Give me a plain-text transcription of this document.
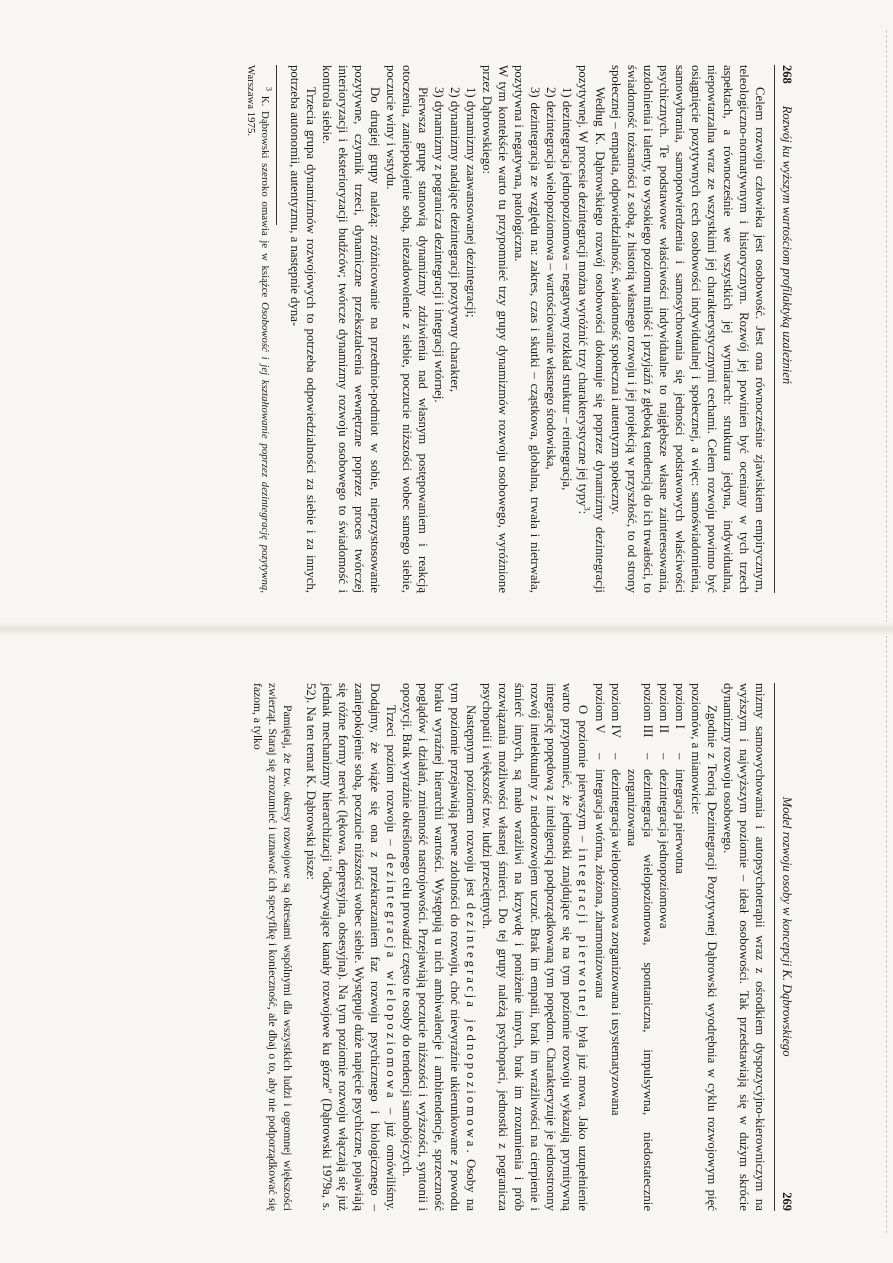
268
Rozwój ku wyższym wartościom profilaktyką uzależnień

Celem rozwoju człowieka jest osobowość. Jest ona równocześnie zjawiskiem empirycznym, teleologiczno-normatywnym i historycznym. Rozwój jej powinien być oceniany w tych trzech aspektach, a równocześnie we wszystkich jej wymiarach: struktura jedyna, indywidualna, niepowtarzalna wraz ze wszystkimi jej charakterystycznymi cechami. Celem rozwoju powinno być osiągnięcie pozytywnych cech osobowości indywidualnej i społecznej, a więc: samoświadomienia, samowybrania, samopotwierdzenia i samosychowania się jedności podstawowych właściwości psychicznych. Te podstawowe właściwości indywidualne to najgłębsze własne zainteresowania, uzdolnienia i talenty, to wysokiego poziomu miłość i przyjaźń z głęboką tendencją do ich trwałości, to świadomość tożsamości z sobą, z historią własnego rozwoju i jej projekcją w przyszłość, to od strony społecznej – empatia, odpowiedzialność, świadomość społeczna i autentyzm społeczny.

Według K. Dąbrowskiego rozwój osobowości dokonuje się poprzez dynamizmy dezintegracji pozytywnej. W procesie dezintegracji można wyróżnić trzy charakterystyczne jej typy$^3$:

1) dezintegracja jednopoziomowa – negatywny rozkład struktur – reintegracja,

2) dezintegracja wielopoziomowa – wartościowanie własnego środowiska,

3) dezintegracja ze względu na: zakres, czas i skutki – cząstkowa, globalna, trwała i nietrwała, pozytywna i negatywna, patologiczna.

W tym kontekście warto tu przypomnieć trzy grupy dynamizmów rozwoju osobowego, wyróżnione przez Dąbrowskiego:

1) dynamizmy zaawansowanej dezintegracji;

2) dynamizmy nadające dezintegracji pozytywny charakter,

3) dynamizmy z pogranicza dezintegracji i integracji wtórnej.

Pierwsza grupę stanowią dynamizmy zdziwienia nad własnym postępowaniem i reakcją otoczenia, zaniepokojenie sobą, niezadowolenie z siebie, poczucie niższości wobec samego siebie, poczucie winy i wstydu.

Do drugiej grupy należą: zróżnicowanie na przedmiot-podmiot w sobie, nieprzystosowanie pozytywne, czynnik trzeci, dynamiczne przekształcenia wewnętrzne poprzez proces twórczej interioryzacji i eksterioryzacji budźców; twórcze dynamizmy rozwoju osobowego to świadomość i kontrola siebie.

Trzecia grupa dynamizmów rozwojowych to potrzeba odpowiedzialności za siebie i za innych, potrzeba autonomii, autentyzmu, a następnie dyna-

$^3$ K. Dąbrowski szeroko omawia je w książce Osobowość i jej kształtowanie poprzez dezintegrację pozytywną, Warszawa 1975.

Model rozwoju osoby w koncepcji K. Dąbrowskiego
269

mizmy samowychowania i autopsychoterapii wraz z ośrodkiem dyspozycyjno-kierowniczym na wyższym i najwyższym poziomie – ideał osobowości. Tak przedstawiają się w dużym skrócie dynamizmy rozwoju osobowego.

Zgodnie z Teorią Dezintegracji Pozytywnej Dąbrowski wyodrębnia w cyklu rozwojowym pięć poziomów, a mianowicie:

poziom I	–	integracja pierwotna
poziom II	–	dezintegracja jednopoziomowa
poziom III	–	dezintegracja wielopoziomowa, spontaniczna, impulsywna, niedostatecznie zorganizowana
poziom IV	–	dezintegracja wielopoziomowa zorganizowana i usystematyzowana
poziom V	–	integracja wtórna, złożona, zharmonizowana

O poziomie pierwszym – integracji pierwotnej była już mowa. Jako uzupełnienie warto przypomnieć, że jednostki znajdujące się na tym poziomie rozwoju wykazują prymitywną integrację popędową z inteligencją podporządkowaną tym popędom. Charakteryzuje je jednostronny rozwój intelektualny z niedorozwojem uczuć. Brak im empatii, brak im wrażliwości na cierpienie i śmierć innych, są mało wrażliwi na krzywdę i poniżenie innych, brak im zrozumienia i prób rozwiązania możliwości własnej śmierci. Do tej grupy należą psychopaci, jednostki z pogranicza psychopatii i większość tzw. ludzi przeciętnych.

Następnym poziomem rozwoju jest dezintegracja jednopoziomowa. Osoby na tym poziomie przejawiają pewne zdolności do rozwoju, choć niewyraźnie ukierunkowane z powodu braku wyraźnej hierarchii wartości. Występują u nich ambiwalencje i ambitendencje, sprzeczność poglądów i działań, zmienność nastrojowości. Przejawiają poczucie niższości i wyższości, syntonii i opozycji. Brak wyraźnie określonego celu prowadzi często te osoby do tendencji samobójczych.

Trzeci poziom rozwoju – dezintegracja wielopoziomowa – już omówiliśmy. Dodajmy, że wiąże się ona z przekraczaniem faz rozwoju psychicznego i biologicznego – zaniepokojenie sobą, poczucie niższości wobec siebie. Występuje duże napięcie psychiczne, pojawiają się różne formy nerwic (lękowa, depresyjna, obsesyjna). Na tym poziomie rozwoju włączają się już jednak mechanizmy hierarchizacji "odkrywające kanały rozwojowe ku górze" (Dąbrowski 1979a, s. 52). Na ten temat K. Dąbrowski pisze:

Pamiętaj, że tzw. okresy rozwojowe są okresami wspólnymi dla wszystkich ludzi i ogromnej większości zwierząt. Staraj się zrozumieć i uznawać ich specyfikę i konieczność, ale dbaj o to, aby nie podporządkować się fazom, a tylko
